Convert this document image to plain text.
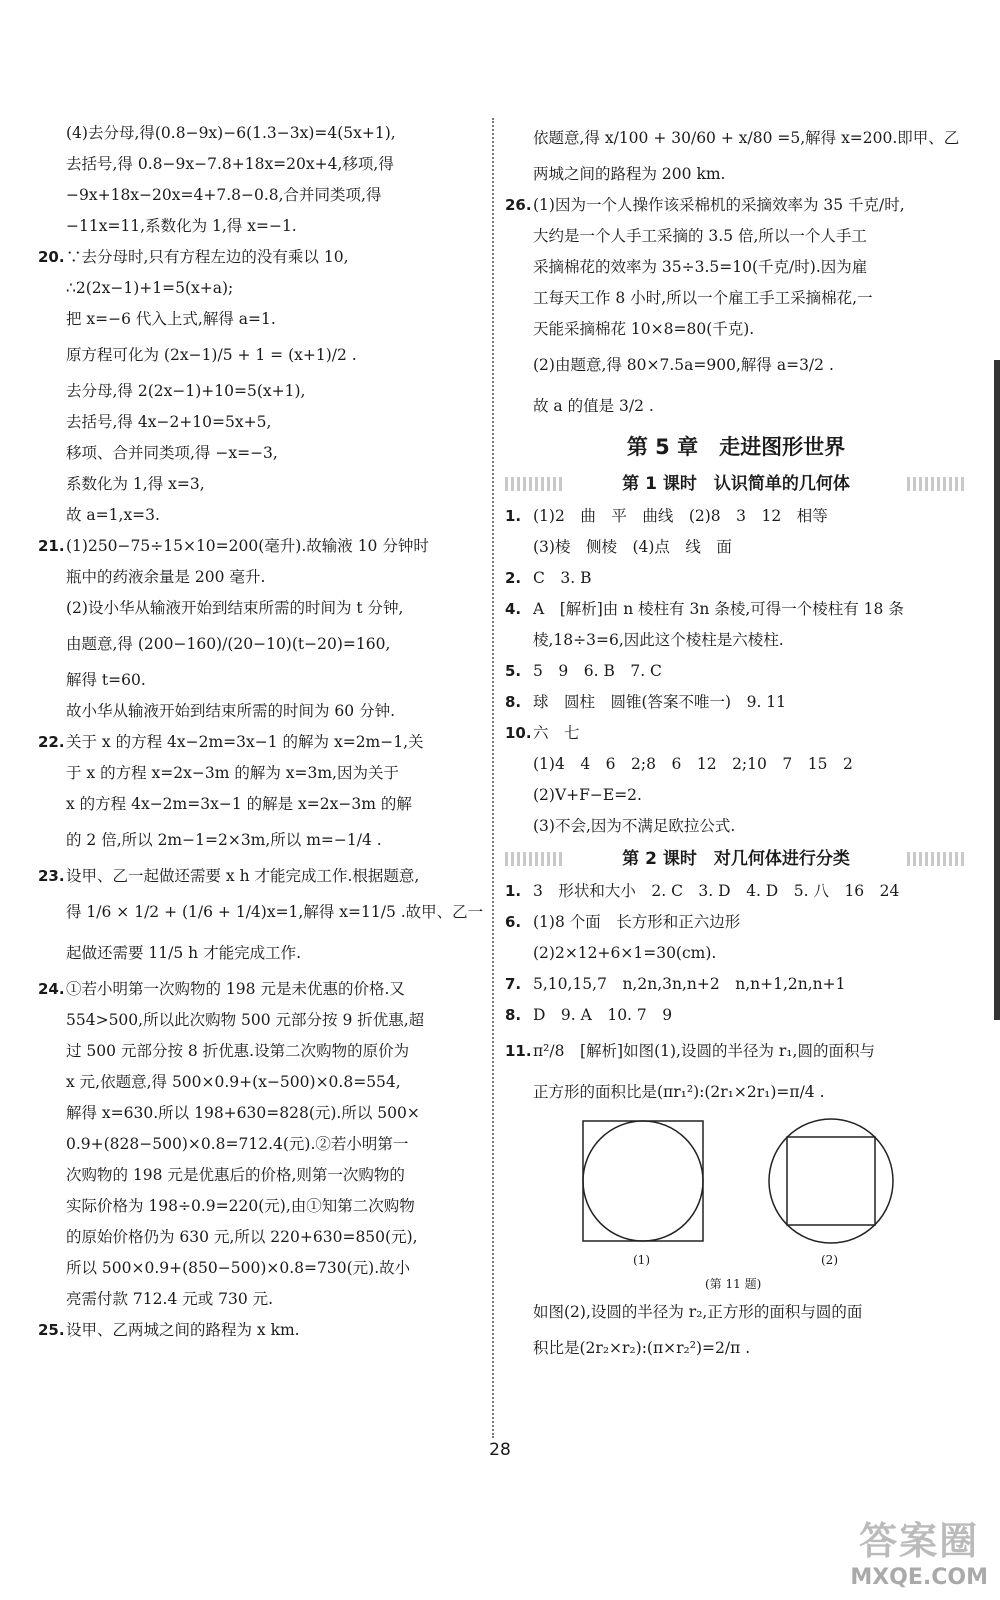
(4)去分母,得(0.8−9x)−6(1.3−3x)=4(5x+1),
去括号,得 0.8−9x−7.8+18x=20x+4,移项,得
−9x+18x−20x=4+7.8−0.8,合并同类项,得
−11x=11,系数化为 1,得 x=−1.
20.∵去分母时,只有方程左边的没有乘以 10,
∴2(2x−1)+1=5(x+a);
把 x=−6 代入上式,解得 a=1.
原方程可化为 (2x−1)/5 + 1 = (x+1)/2 .
去分母,得 2(2x−1)+10=5(x+1),
去括号,得 4x−2+10=5x+5,
移项、合并同类项,得 −x=−3,
系数化为 1,得 x=3,
故 a=1,x=3.
21.(1)250−75÷15×10=200(毫升).故输液 10 分钟时
瓶中的药液余量是 200 毫升.
(2)设小华从输液开始到结束所需的时间为 t 分钟,
由题意,得 (200−160)/(20−10)(t−20)=160,
解得 t=60.
故小华从输液开始到结束所需的时间为 60 分钟.
22.关于 x 的方程 4x−2m=3x−1 的解为 x=2m−1,关
于 x 的方程 x=2x−3m 的解为 x=3m,因为关于
x 的方程 4x−2m=3x−1 的解是 x=2x−3m 的解
的 2 倍,所以 2m−1=2×3m,所以 m=−1/4 .
23.设甲、乙一起做还需要 x h 才能完成工作.根据题意,
得 1/6 × 1/2 + (1/6 + 1/4)x=1,解得 x=11/5 .故甲、乙一
起做还需要 11/5 h 才能完成工作.
24.①若小明第一次购物的 198 元是未优惠的价格.又
554>500,所以此次购物 500 元部分按 9 折优惠,超
过 500 元部分按 8 折优惠.设第二次购物的原价为
x 元,依题意,得 500×0.9+(x−500)×0.8=554,
解得 x=630.所以 198+630=828(元).所以 500×
0.9+(828−500)×0.8=712.4(元).②若小明第一
次购物的 198 元是优惠后的价格,则第一次购物的
实际价格为 198÷0.9=220(元),由①知第二次购物
的原始价格仍为 630 元,所以 220+630=850(元),
所以 500×0.9+(850−500)×0.8=730(元).故小
亮需付款 712.4 元或 730 元.
25.设甲、乙两城之间的路程为 x km.
依题意,得 x/100 + 30/60 + x/80 =5,解得 x=200.即甲、乙
两城之间的路程为 200 km.
26.(1)因为一个人操作该采棉机的采摘效率为 35 千克/时,
大约是一个人手工采摘的 3.5 倍,所以一个人手工
采摘棉花的效率为 35÷3.5=10(千克/时).因为雇
工每天工作 8 小时,所以一个雇工手工采摘棉花,一
天能采摘棉花 10×8=80(千克).
(2)由题意,得 80×7.5a=900,解得 a=3/2 .
故 a 的值是 3/2 .
第 5 章　走进图形世界
第 1 课时　认识简单的几何体
1. (1)2　曲　平　曲线　(2)8　3　12　相等
(3)棱　侧棱　(4)点　线　面
2. C　3. B
4. A　[解析]由 n 棱柱有 3n 条棱,可得一个棱柱有 18 条
棱,18÷3=6,因此这个棱柱是六棱柱.
5. 5　9　6. B　7. C
8. 球　圆柱　圆锥(答案不唯一)　9. 11
10.六　七
(1)4　4　6　2;8　6　12　2;10　7　15　2
(2)V+F−E=2.
(3)不会,因为不满足欧拉公式.
第 2 课时　对几何体进行分类
1. 3　形状和大小　2. C　3. D　4. D　5. 八　16　24
6. (1)8 个面　长方形和正六边形
(2)2×12+6×1=30(cm).
7. 5,10,15,7　n,2n,3n,n+2　n,n+1,2n,n+1
8. D　9. A　10. 7　9
11.π²/8　[解析]如图(1),设圆的半径为 r₁,圆的面积与
正方形的面积比是(πr₁²):(2r₁×2r₁)=π/4 .
(1)	(2)
(第 11 题)
如图(2),设圆的半径为 r₂,正方形的面积与圆的面
积比是(2r₂×r₂):(π×r₂²)=2/π .
28
答案圈
MXQE.COM
